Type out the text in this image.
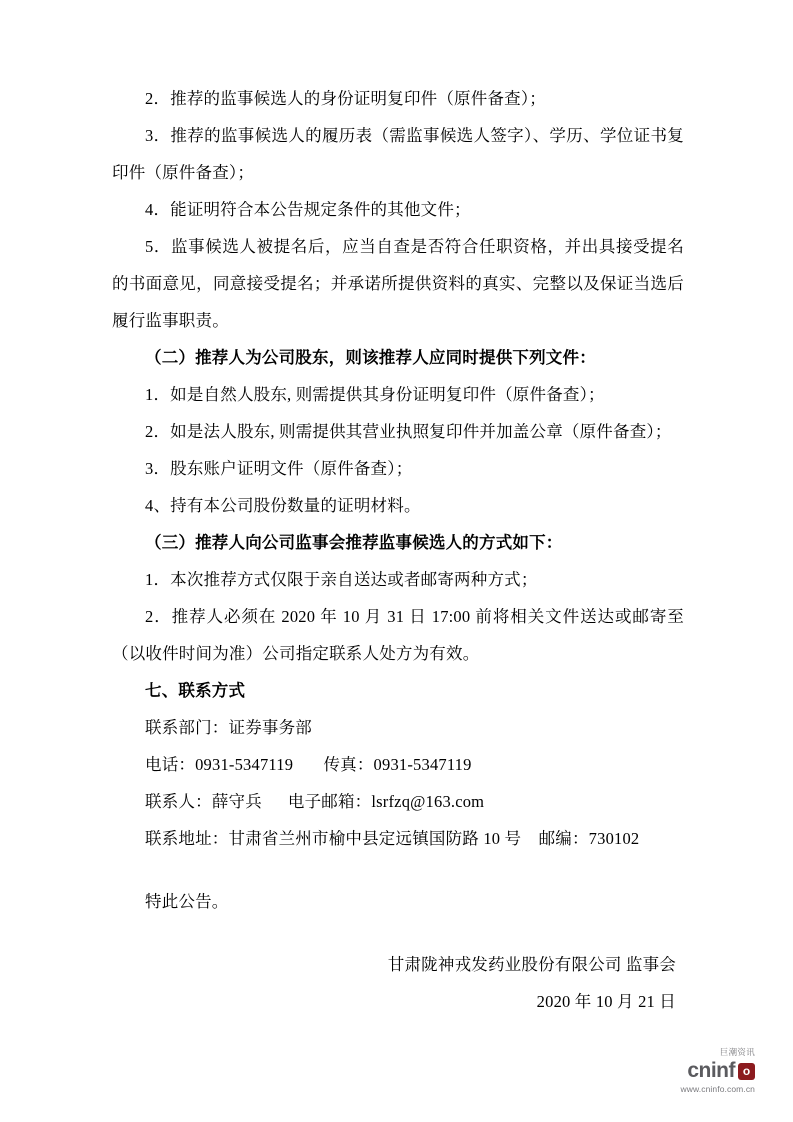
2．推荐的监事候选人的身份证明复印件（原件备查）；

3．推荐的监事候选人的履历表（需监事候选人签字）、学历、学位证书复印件（原件备查）；

4．能证明符合本公告规定条件的其他文件；

5．监事候选人被提名后，应当自查是否符合任职资格，并出具接受提名的书面意见，同意接受提名；并承诺所提供资料的真实、完整以及保证当选后履行监事职责。

（二）推荐人为公司股东，则该推荐人应同时提供下列文件：

1．如是自然人股东, 则需提供其身份证明复印件（原件备查）；

2．如是法人股东, 则需提供其营业执照复印件并加盖公章（原件备查）；

3．股东账户证明文件（原件备查）；

4、持有本公司股份数量的证明材料。

（三）推荐人向公司监事会推荐监事候选人的方式如下：

1．本次推荐方式仅限于亲自送达或者邮寄两种方式；

2．推荐人必须在 2020 年 10 月 31 日 17:00 前将相关文件送达或邮寄至（以收件时间为准）公司指定联系人处方为有效。

七、联系方式

联系部门：证券事务部

电话：0931-5347119 传真：0931-5347119

联系人：薛守兵 电子邮箱：lsrfzq@163.com

联系地址：甘肃省兰州市榆中县定远镇国防路 10 号 邮编：730102

特此公告。

甘肃陇神戎发药业股份有限公司 监事会

2020 年 10 月 21 日

巨潮资讯
cninf o
www.cninfo.com.cn
